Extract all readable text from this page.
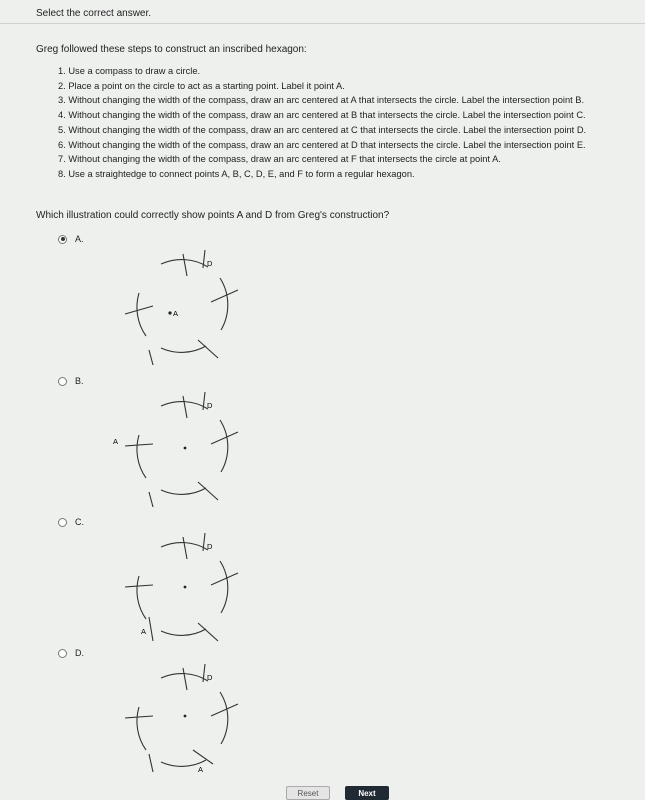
Select the correct answer.
Greg followed these steps to construct an inscribed hexagon:
1. Use a compass to draw a circle.
2. Place a point on the circle to act as a starting point. Label it point A.
3. Without changing the width of the compass, draw an arc centered at A that intersects the circle. Label the intersection point B.
4. Without changing the width of the compass, draw an arc centered at B that intersects the circle. Label the intersection point C.
5. Without changing the width of the compass, draw an arc centered at C that intersects the circle. Label the intersection point D.
6. Without changing the width of the compass, draw an arc centered at D that intersects the circle. Label the intersection point E.
7. Without changing the width of the compass, draw an arc centered at F that intersects the circle at point A.
8. Use a straightedge to connect points A, B, C, D, E, and F to form a regular hexagon.
Which illustration could correctly show points A and D from Greg's construction?
A.
D
A
B.
D
A
C.
D
A
D.
D
A
Reset	Next
